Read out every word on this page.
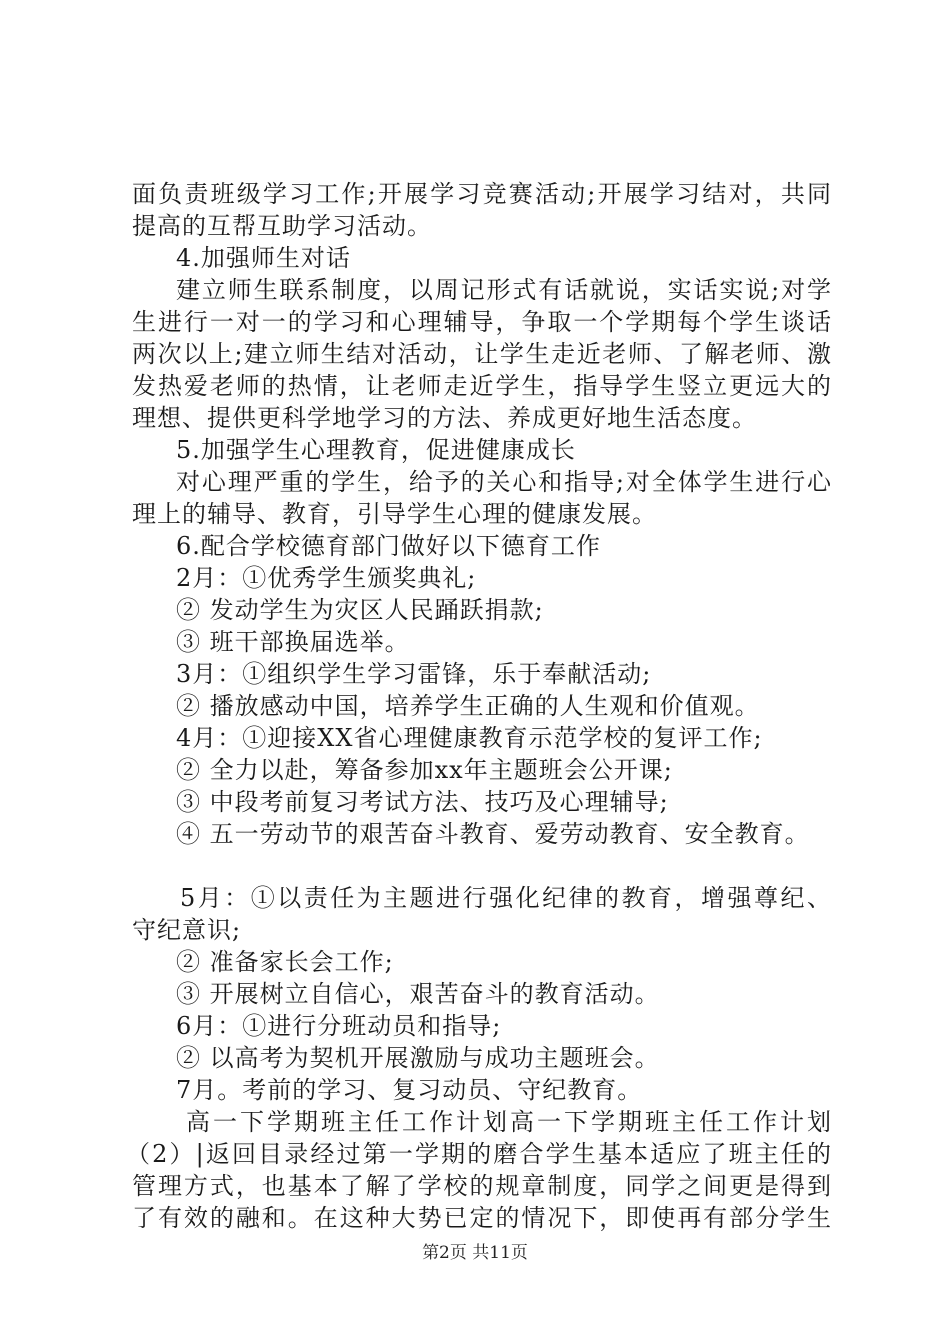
面负责班级学习工作;开展学习竞赛活动;开展学习结对，共同
提高的互帮互助学习活动。
4.加强师生对话
建立师生联系制度，以周记形式有话就说，实话实说;对学
生进行一对一的学习和心理辅导，争取一个学期每个学生谈话
两次以上;建立师生结对活动，让学生走近老师、了解老师、激
发热爱老师的热情，让老师走近学生，指导学生竖立更远大的
理想、提供更科学地学习的方法、养成更好地生活态度。
5.加强学生心理教育，促进健康成长
对心理严重的学生，给予的关心和指导;对全体学生进行心
理上的辅导、教育，引导学生心理的健康发展。
6.配合学校德育部门做好以下德育工作
2月：①优秀学生颁奖典礼;
② 发动学生为灾区人民踊跃捐款;
③ 班干部换届选举。
3月：①组织学生学习雷锋，乐于奉献活动;
② 播放感动中国，培养学生正确的人生观和价值观。
4月：①迎接XX省心理健康教育示范学校的复评工作;
② 全力以赴，筹备参加xx年主题班会公开课;
③ 中段考前复习考试方法、技巧及心理辅导;
④ 五一劳动节的艰苦奋斗教育、爱劳动教育、安全教育。
5月：①以责任为主题进行强化纪律的教育，增强尊纪、
守纪意识;
② 准备家长会工作;
③ 开展树立自信心，艰苦奋斗的教育活动。
6月：①进行分班动员和指导;
② 以高考为契机开展激励与成功主题班会。
7月。考前的学习、复习动员、守纪教育。
高一下学期班主任工作计划高一下学期班主任工作计划
（2）|返回目录经过第一学期的磨合学生基本适应了班主任的
管理方式，也基本了解了学校的规章制度，同学之间更是得到
了有效的融和。在这种大势已定的情况下，即使再有部分学生
第2页 共11页
